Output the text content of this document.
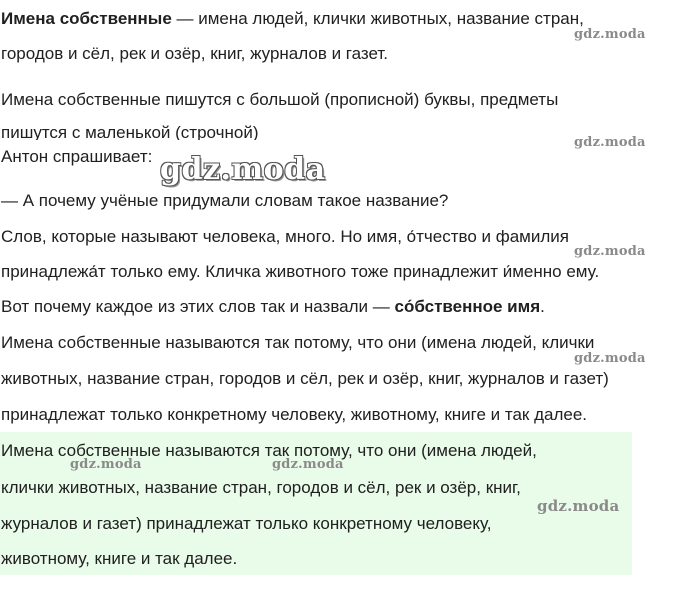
Имена собственные — имена людей, клички животных, название стран,

городов и сёл, рек и озёр, книг, журналов и газет.

Имена собственные пишутся с большой (прописной) буквы, предметы

пишутся с маленькой (строчной)

Антон спрашивает:

— А почему учёные придумали словам такое название?

Слов, которые называют человека, много. Но имя, о́тчество и фамилия

принадлежа́т только ему. Кличка животного тоже принадлежит и́менно ему.

Вот почему каждое из этих слов так и назвали — со́бственное имя.

Имена собственные называются так потому, что они (имена людей, клички

животных, название стран, городов и сёл, рек и озёр, книг, журналов и газет)

принадлежат только конкретному человеку, животному, книге и так далее.

Имена собственные называются так потому, что они (имена людей,

клички животных, название стран, городов и сёл, рек и озёр, книг,

журналов и газет) принадлежат только конкретному человеку,

животному, книге и так далее.

gdz.moda
gdz.moda
gdz.moda
gdz.moda
gdz.moda
gdz.moda	gdz.moda
gdz.moda
